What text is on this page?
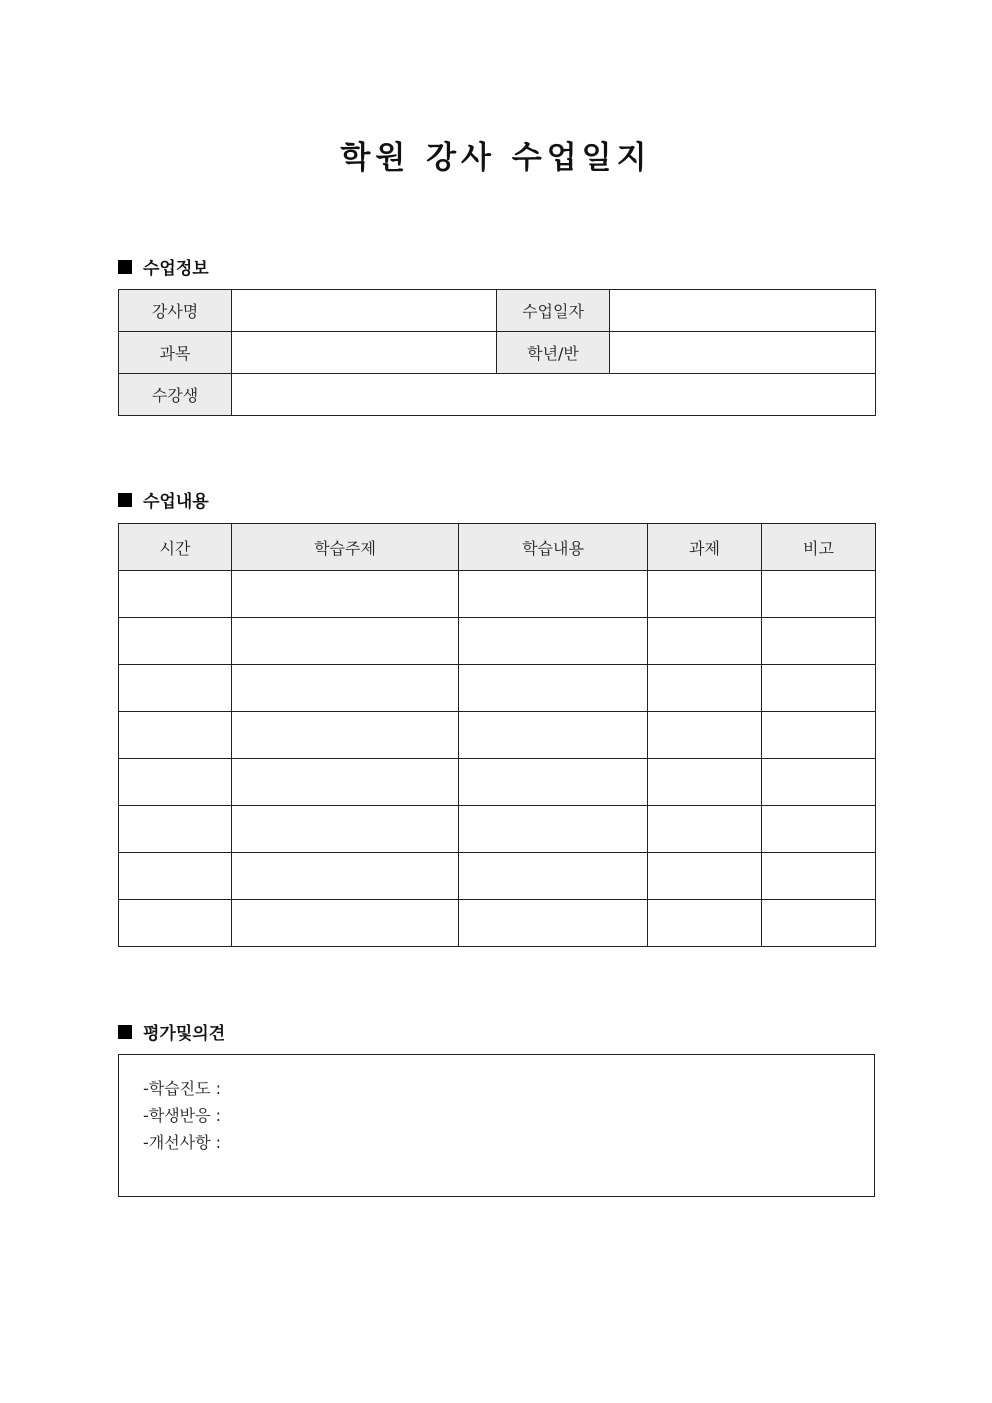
학원 강사 수업일지
수업정보
강사명		수업일자	
과목		학년/반	
수강생			
수업내용
시간	학습주제	학습내용	과제	비고

평가및의견
-학습진도 :
-학생반응 :
-개선사항 :
